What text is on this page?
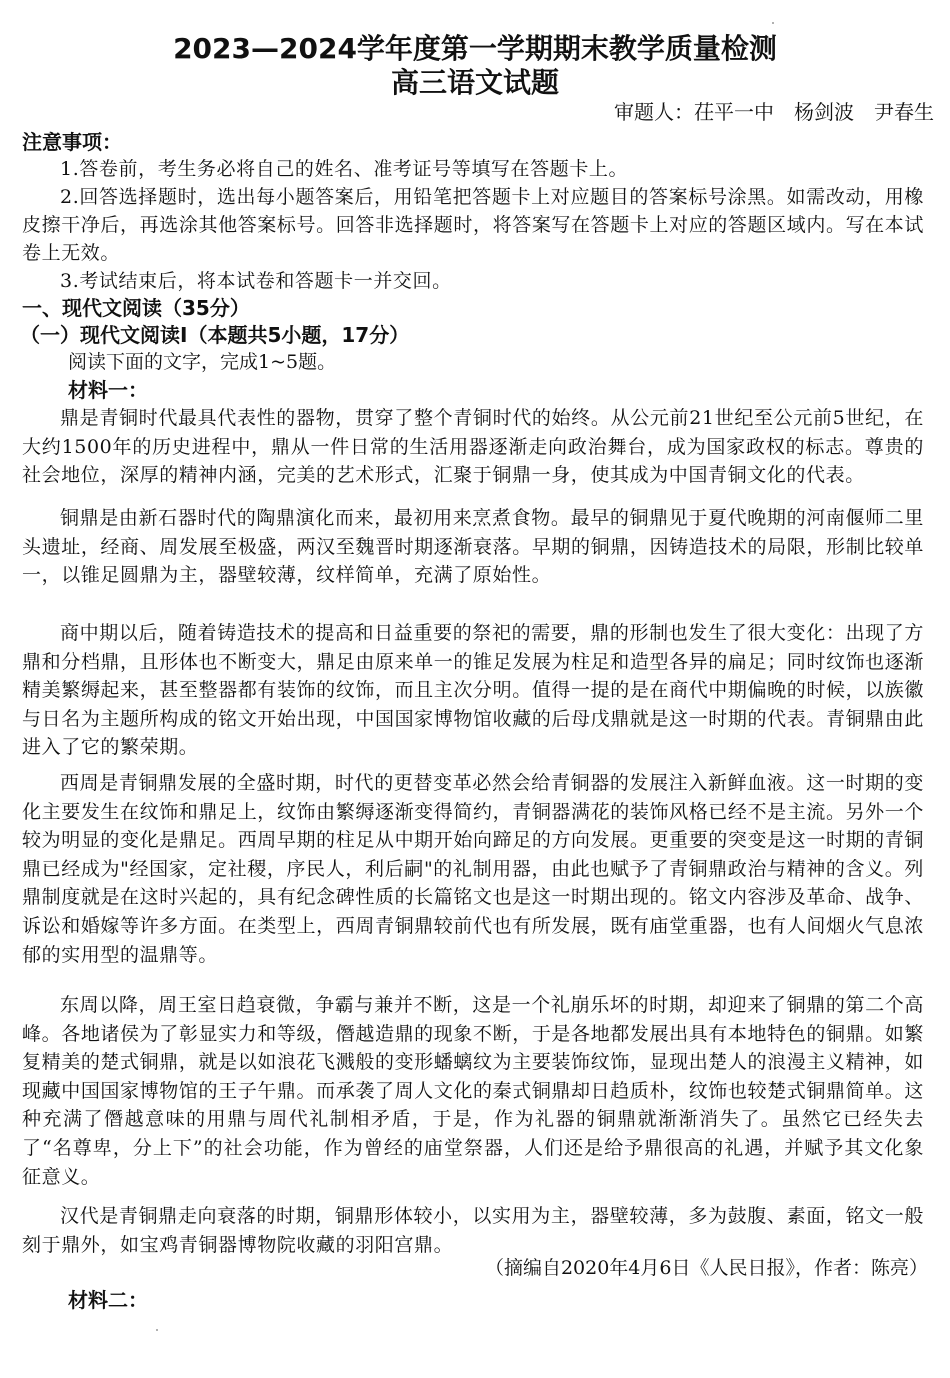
2023—2024学年度第一学期期末教学质量检测
高三语文试题
审题人：茌平一中　杨剑波　尹春生
注意事项：

1.答卷前，考生务必将自己的姓名、准考证号等填写在答题卡上。

2.回答选择题时，选出每小题答案后，用铅笔把答题卡上对应题目的答案标号涂黑。如需改动，用橡皮擦干净后，再选涂其他答案标号。回答非选择题时，将答案写在答题卡上对应的答题区域内。写在本试卷上无效。

3.考试结束后，将本试卷和答题卡一并交回。

一、现代文阅读（35分）
（一）现代文阅读Ⅰ（本题共5小题，17分）
阅读下面的文字，完成1~5题。
材料一：

鼎是青铜时代最具代表性的器物，贯穿了整个青铜时代的始终。从公元前21世纪至公元前5世纪，在大约1500年的历史进程中，鼎从一件日常的生活用器逐渐走向政治舞台，成为国家政权的标志。尊贵的社会地位，深厚的精神内涵，完美的艺术形式，汇聚于铜鼎一身，使其成为中国青铜文化的代表。

铜鼎是由新石器时代的陶鼎演化而来，最初用来烹煮食物。最早的铜鼎见于夏代晚期的河南偃师二里头遗址，经商、周发展至极盛，两汉至魏晋时期逐渐衰落。早期的铜鼎，因铸造技术的局限，形制比较单一，以锥足圆鼎为主，器壁较薄，纹样简单，充满了原始性。

商中期以后，随着铸造技术的提高和日益重要的祭祀的需要，鼎的形制也发生了很大变化：出现了方鼎和分档鼎，且形体也不断变大，鼎足由原来单一的锥足发展为柱足和造型各异的扁足；同时纹饰也逐渐精美繁缛起来，甚至整器都有装饰的纹饰，而且主次分明。值得一提的是在商代中期偏晚的时候，以族徽与日名为主题所构成的铭文开始出现，中国国家博物馆收藏的后母戊鼎就是这一时期的代表。青铜鼎由此进入了它的繁荣期。

西周是青铜鼎发展的全盛时期，时代的更替变革必然会给青铜器的发展注入新鲜血液。这一时期的变化主要发生在纹饰和鼎足上，纹饰由繁缛逐渐变得简约，青铜器满花的装饰风格已经不是主流。另外一个较为明显的变化是鼎足。西周早期的柱足从中期开始向蹄足的方向发展。更重要的突变是这一时期的青铜鼎已经成为"经国家，定社稷，序民人，利后嗣"的礼制用器，由此也赋予了青铜鼎政治与精神的含义。列鼎制度就是在这时兴起的，具有纪念碑性质的长篇铭文也是这一时期出现的。铭文内容涉及革命、战争、诉讼和婚嫁等许多方面。在类型上，西周青铜鼎较前代也有所发展，既有庙堂重器，也有人间烟火气息浓郁的实用型的温鼎等。

东周以降，周王室日趋衰微，争霸与兼并不断，这是一个礼崩乐坏的时期，却迎来了铜鼎的第二个高峰。各地诸侯为了彰显实力和等级，僭越造鼎的现象不断，于是各地都发展出具有本地特色的铜鼎。如繁复精美的楚式铜鼎，就是以如浪花飞溅般的变形蟠螭纹为主要装饰纹饰，显现出楚人的浪漫主义精神，如现藏中国国家博物馆的王子午鼎。而承袭了周人文化的秦式铜鼎却日趋质朴，纹饰也较楚式铜鼎简单。这种充满了僭越意味的用鼎与周代礼制相矛盾，于是，作为礼器的铜鼎就渐渐消失了。虽然它已经失去了“名尊卑，分上下”的社会功能，作为曾经的庙堂祭器，人们还是给予鼎很高的礼遇，并赋予其文化象征意义。

汉代是青铜鼎走向衰落的时期，铜鼎形体较小，以实用为主，器壁较薄，多为鼓腹、素面，铭文一般刻于鼎外，如宝鸡青铜器博物院收藏的羽阳宫鼎。

（摘编自2020年4月6日《人民日报》，作者：陈亮）
材料二：
